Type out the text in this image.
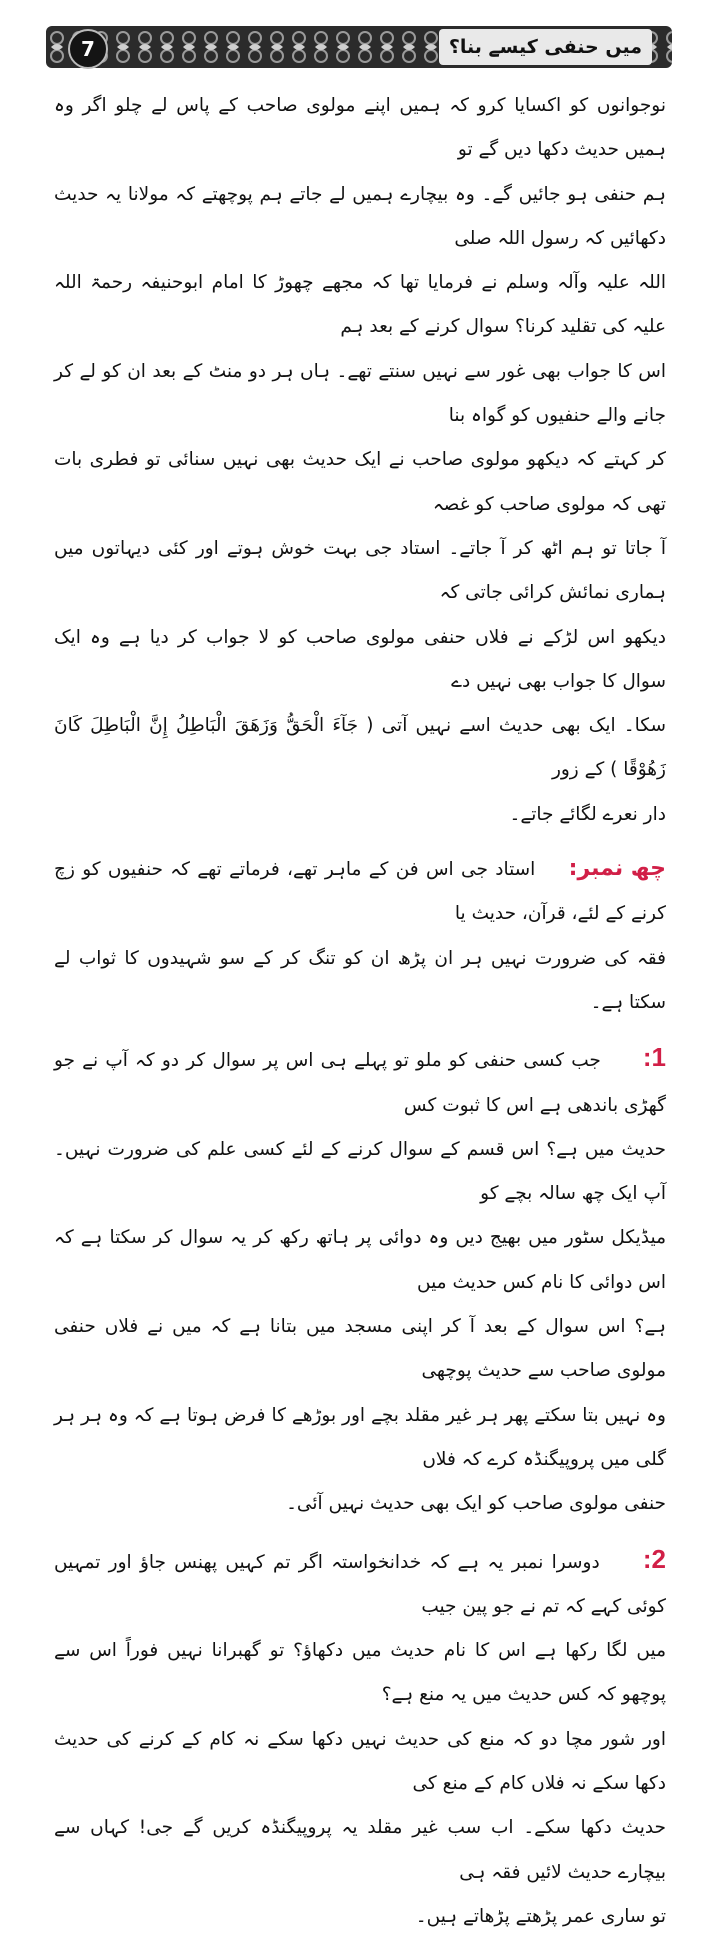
میں حنفی کیسے بنا؟
7
نوجوانوں کو اکسایا کرو کہ ہمیں اپنے مولوی صاحب کے پاس لے چلو اگر وہ ہمیں حدیث دکھا دیں گے تو
ہم حنفی ہو جائیں گے۔ وہ بیچارے ہمیں لے جاتے ہم پوچھتے کہ مولانا یہ حدیث دکھائیں کہ رسول اللہ صلی
اللہ علیہ وآلہ وسلم نے فرمایا تھا کہ مجھے چھوڑ کا امام ابوحنیفہ رحمۃ اللہ علیہ کی تقلید کرنا؟ سوال کرنے کے بعد ہم
اس کا جواب بھی غور سے نہیں سنتے تھے۔ ہاں ہر دو منٹ کے بعد ان کو لے کر جانے والے حنفیوں کو گواہ بنا
کر کہتے کہ دیکھو مولوی صاحب نے ایک حدیث بھی نہیں سنائی تو فطری بات تھی کہ مولوی صاحب کو غصہ
آ جاتا تو ہم اٹھ کر آ جاتے۔ استاد جی بہت خوش ہوتے اور کئی دیہاتوں میں ہماری نمائش کرائی جاتی کہ
دیکھو اس لڑکے نے فلاں حنفی مولوی صاحب کو لا جواب کر دیا ہے وہ ایک سوال کا جواب بھی نہیں دے
سکا۔ ایک بھی حدیث اسے نہیں آتی ( جَآءَ الْحَقُّ وَزَهَقَ الْبَاطِلُ إِنَّ الْبَاطِلَ كَانَ زَهُوْقًا ) کے زور
دار نعرے لگائے جاتے۔
چھ نمبر: استاد جی اس فن کے ماہر تھے، فرماتے تھے کہ حنفیوں کو زچ کرنے کے لئے، قرآن، حدیث یا
فقہ کی ضرورت نہیں ہر ان پڑھ ان کو تنگ کر کے سو شہیدوں کا ثواب لے سکتا ہے۔
1: جب کسی حنفی کو ملو تو پہلے ہی اس پر سوال کر دو کہ آپ نے جو گھڑی باندھی ہے اس کا ثبوت کس
حدیث میں ہے؟ اس قسم کے سوال کرنے کے لئے کسی علم کی ضرورت نہیں۔ آپ ایک چھ سالہ بچے کو
میڈیکل سٹور میں بھیج دیں وہ دوائی پر ہاتھ رکھ کر یہ سوال کر سکتا ہے کہ اس دوائی کا نام کس حدیث میں
ہے؟ اس سوال کے بعد آ کر اپنی مسجد میں بتانا ہے کہ میں نے فلاں حنفی مولوی صاحب سے حدیث پوچھی
وہ نہیں بتا سکتے پھر ہر غیر مقلد بچے اور بوڑھے کا فرض ہوتا ہے کہ وہ ہر ہر گلی میں پروپیگنڈہ کرے کہ فلاں
حنفی مولوی صاحب کو ایک بھی حدیث نہیں آئی۔
2: دوسرا نمبر یہ ہے کہ خدانخواستہ اگر تم کہیں پھنس جاؤ اور تمہیں کوئی کہے کہ تم نے جو پین جیب
میں لگا رکھا ہے اس کا نام حدیث میں دکھاؤ؟ تو گھبرانا نہیں فوراً اس سے پوچھو کہ کس حدیث میں یہ منع ہے؟
اور شور مچا دو کہ منع کی حدیث نہیں دکھا سکے نہ کام کے کرنے کی حدیث دکھا سکے نہ فلاں کام کے منع کی
حدیث دکھا سکے۔ اب سب غیر مقلد یہ پروپیگنڈہ کریں گے جی! کہاں سے بیچارے حدیث لائیں فقہ ہی
تو ساری عمر پڑھتے پڑھاتے ہیں۔
